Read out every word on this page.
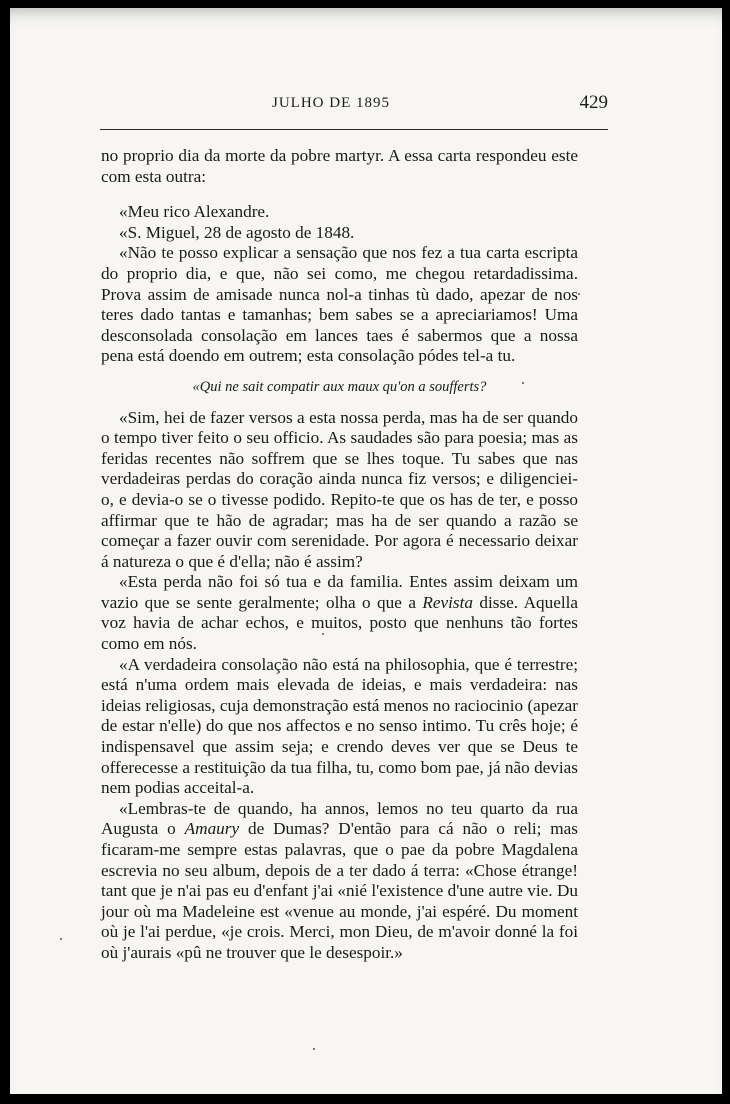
JULHO DE 1895	429

no proprio dia da morte da pobre martyr. A essa carta respondeu este com esta outra:

«Meu rico Alexandre.

«S. Miguel, 28 de agosto de 1848.

«Não te posso explicar a sensação que nos fez a tua carta escripta do proprio dia, e que, não sei como, me chegou retardadissima. Prova assim de amisade nunca nol-a tinhas tù dado, apezar de nos teres dado tantas e tamanhas; bem sabes se a apreciariamos! Uma desconsolada consolação em lances taes é sabermos que a nossa pena está doendo em outrem; esta consolação pódes tel-a tu.

«Qui ne sait compatir aux maux qu'on a soufferts?

«Sim, hei de fazer versos a esta nossa perda, mas ha de ser quando o tempo tiver feito o seu officio. As saudades são para poesia; mas as feridas recentes não soffrem que se lhes toque. Tu sabes que nas verdadeiras perdas do coração ainda nunca fiz versos; e diligenciei-o, e devia-o se o tivesse podido. Repito-te que os has de ter, e posso affirmar que te hão de agradar; mas ha de ser quando a razão se começar a fazer ouvir com serenidade. Por agora é necessario deixar á natureza o que é d'ella; não é assim?

«Esta perda não foi só tua e da familia. Entes assim deixam um vazio que se sente geralmente; olha o que a Revista disse. Aquella voz havia de achar echos, e muitos, posto que nenhuns tão fortes como em nós.

«A verdadeira consolação não está na philosophia, que é terrestre; está n'uma ordem mais elevada de ideias, e mais verdadeira: nas ideias religiosas, cuja demonstração está menos no raciocinio (apezar de estar n'elle) do que nos affectos e no senso intimo. Tu crês hoje; é indispensavel que assim seja; e crendo deves ver que se Deus te offerecesse a restituição da tua filha, tu, como bom pae, já não devias nem podias acceital-a.

«Lembras-te de quando, ha annos, lemos no teu quarto da rua Augusta o Amaury de Dumas? D'então para cá não o reli; mas ficaram-me sempre estas palavras, que o pae da pobre Magdalena escrevia no seu album, depois de a ter dado á terra: «Chose étrange! tant que je n'ai pas eu d'enfant j'ai «nié l'existence d'une autre vie. Du jour où ma Madeleine est «venue au monde, j'ai espéré. Du moment où je l'ai perdue, «je crois. Merci, mon Dieu, de m'avoir donné la foi où j'aurais «pû ne trouver que le desespoir.»
